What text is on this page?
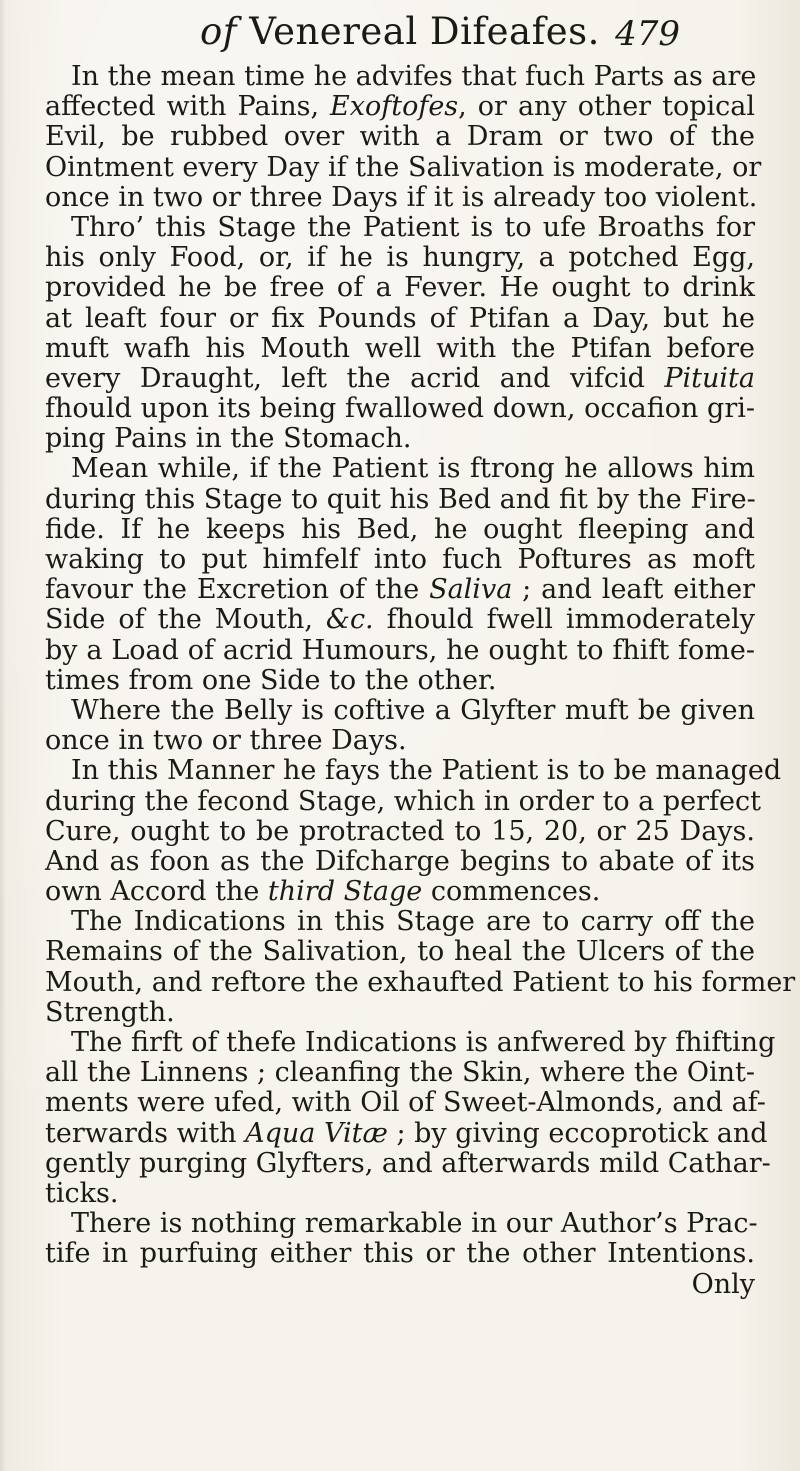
of Venereal Difeafes. 479
In the mean time he advifes that fuch Parts as are
affected with Pains, Exoftofes, or any other topical
Evil, be rubbed over with a Dram or two of the
Ointment every Day if the Salivation is moderate, or
once in two or three Days if it is already too violent.
Thro’ this Stage the Patient is to ufe Broaths for
his only Food, or, if he is hungry, a potched Egg,
provided he be free of a Fever. He ought to drink
at leaft four or fix Pounds of Ptifan a Day, but he
muft wafh his Mouth well with the Ptifan before
every Draught, left the acrid and vifcid Pituita
fhould upon its being fwallowed down, occafion gri-
ping Pains in the Stomach.
Mean while, if the Patient is ftrong he allows him
during this Stage to quit his Bed and fit by the Fire-
fide. If he keeps his Bed, he ought fleeping and
waking to put himfelf into fuch Poftures as moft
favour the Excretion of the Saliva ; and leaft either
Side of the Mouth, &c. fhould fwell immoderately
by a Load of acrid Humours, he ought to fhift fome-
times from one Side to the other.
Where the Belly is coftive a Glyfter muft be given
once in two or three Days.
In this Manner he fays the Patient is to be managed
during the fecond Stage, which in order to a perfect
Cure, ought to be protracted to 15, 20, or 25 Days.
And as foon as the Difcharge begins to abate of its
own Accord the third Stage commences.
The Indications in this Stage are to carry off the
Remains of the Salivation, to heal the Ulcers of the
Mouth, and reftore the exhaufted Patient to his former
Strength.
The firft of thefe Indications is anfwered by fhifting
all the Linnens ; cleanfing the Skin, where the Oint-
ments were ufed, with Oil of Sweet-Almonds, and af-
terwards with Aqua Vitæ ; by giving eccoprotick and
gently purging Glyfters, and afterwards mild Cathar-
ticks.
There is nothing remarkable in our Author’s Prac-
tife in purfuing either this or the other Intentions.
Only
